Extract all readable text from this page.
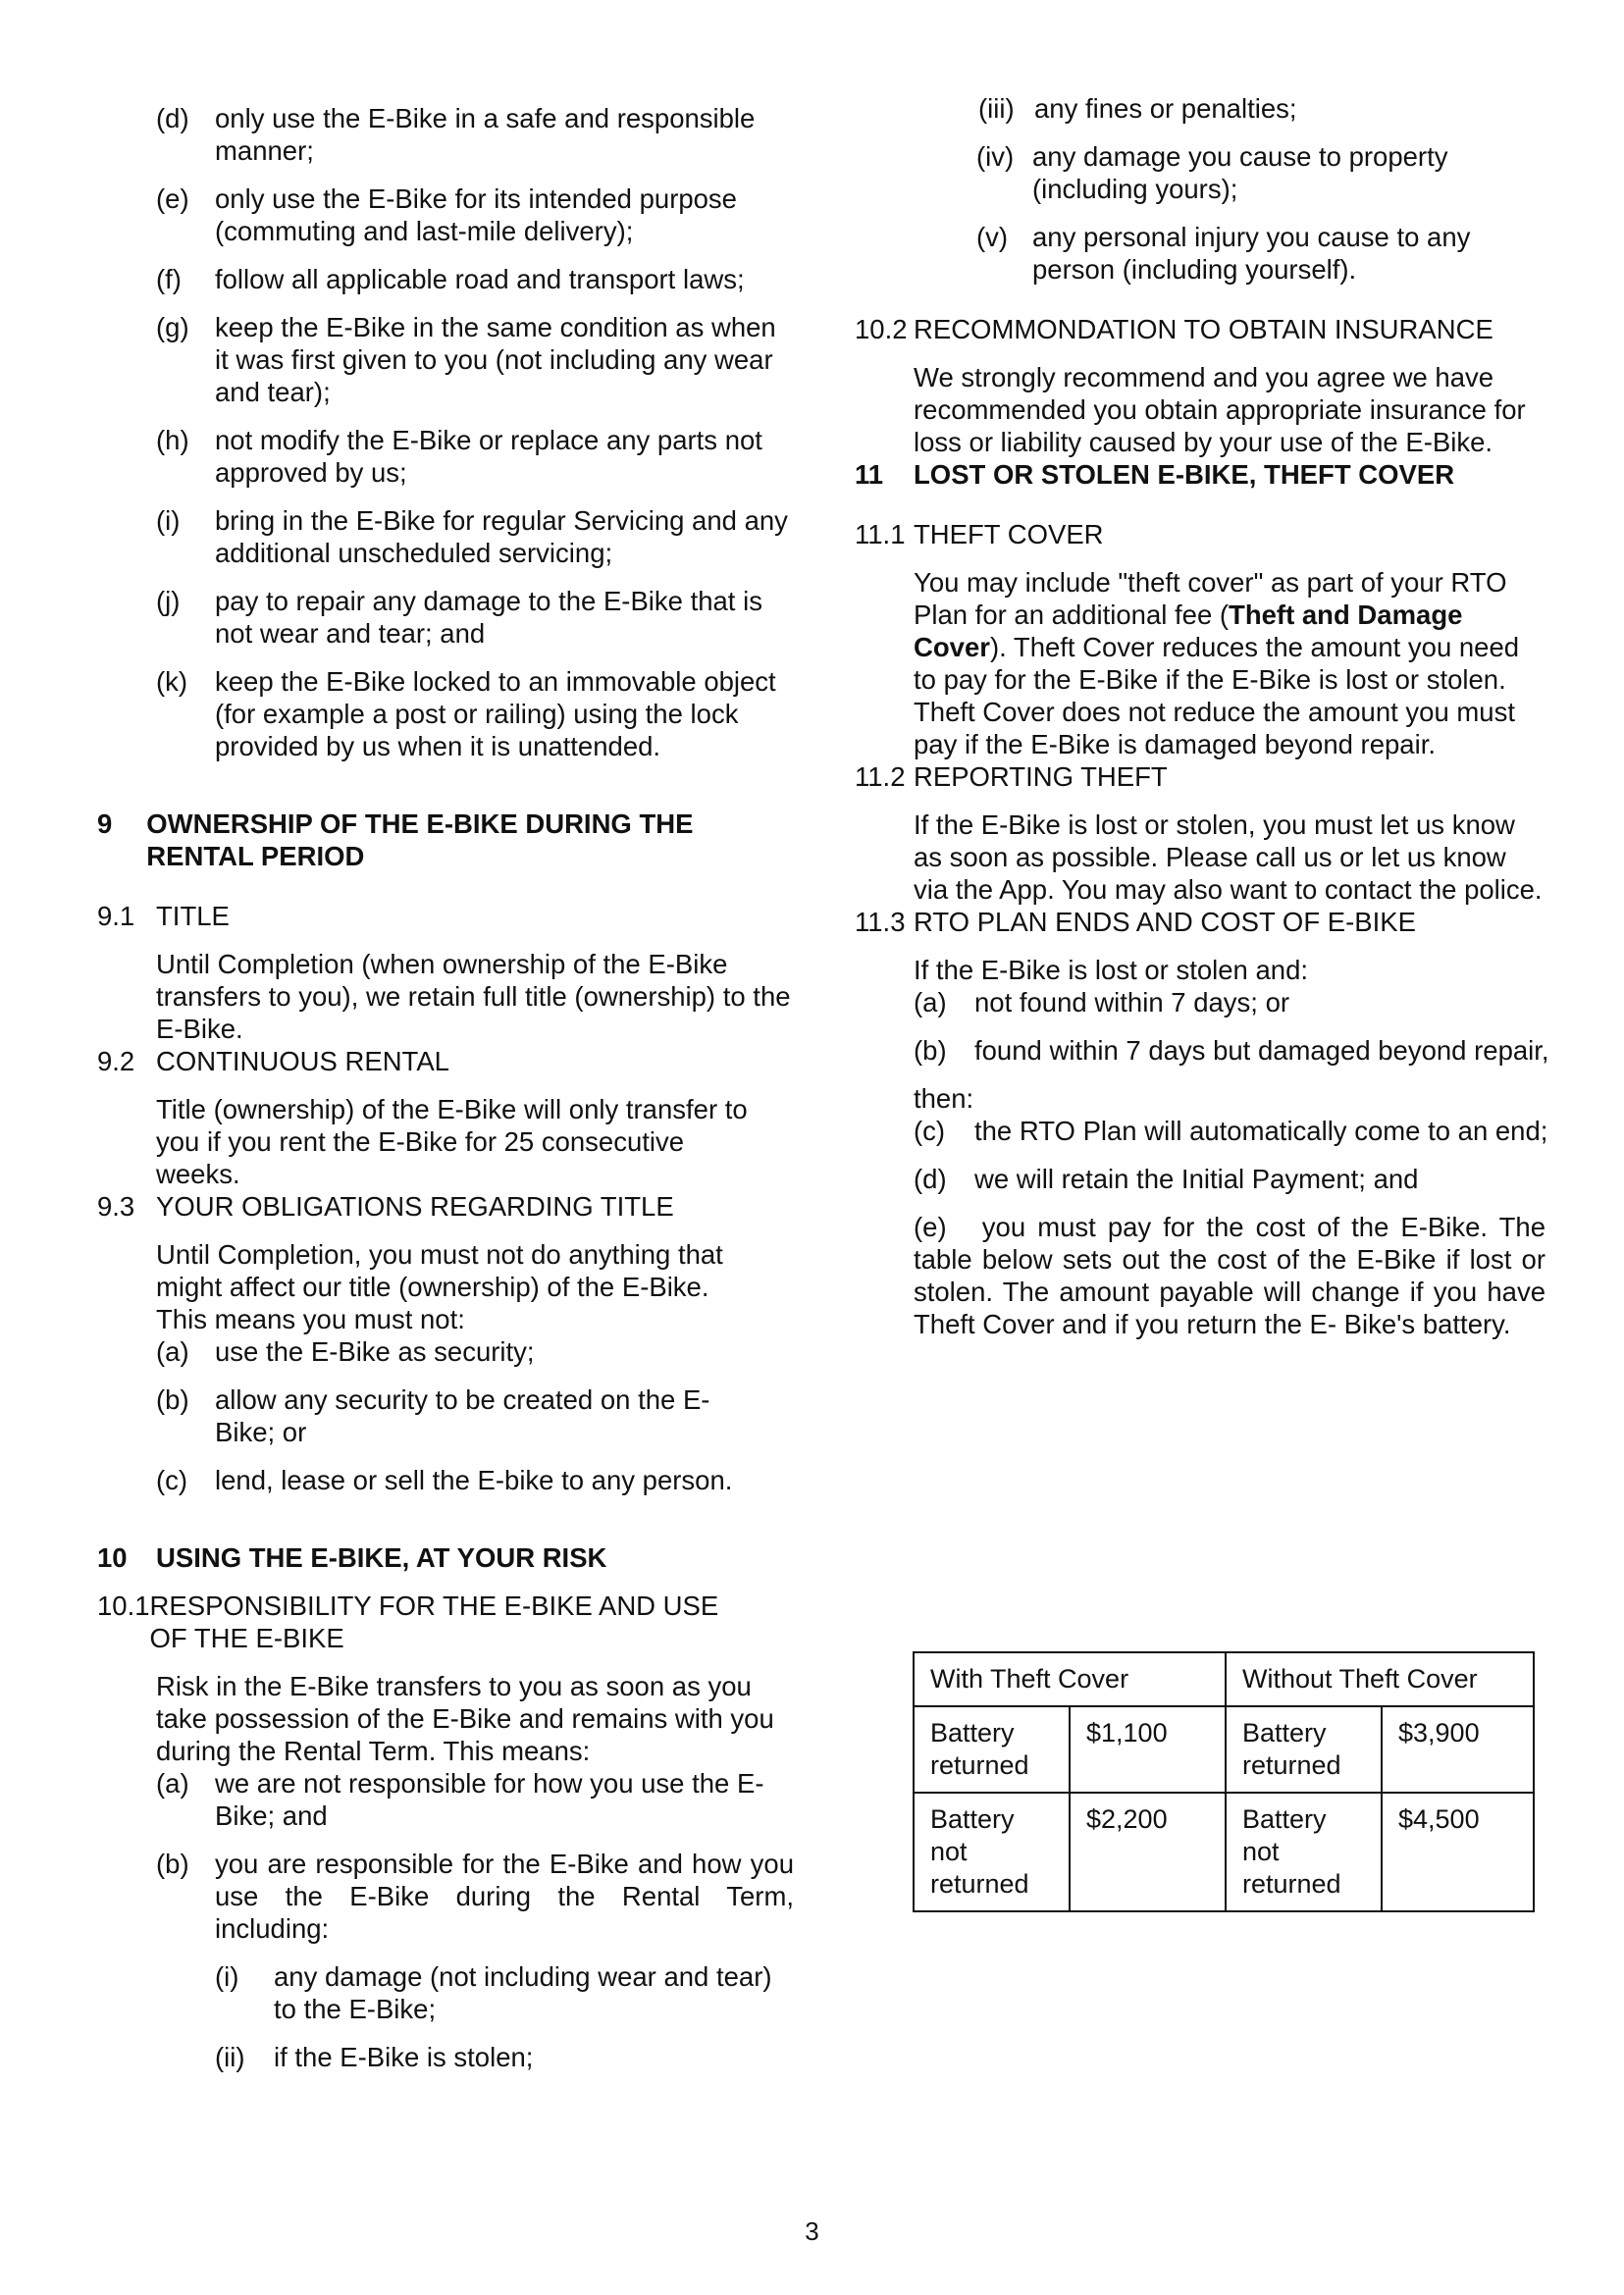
(d) only use the E-Bike in a safe and responsible manner;
(e) only use the E-Bike for its intended purpose (commuting and last-mile delivery);
(f)	follow all applicable road and transport laws;
(g) keep the E-Bike in the same condition as when it was first given to you (not including any wear and tear);
(h) not modify the E-Bike or replace any parts not approved by us;
(i)	bring in the E-Bike for regular Servicing and any additional unscheduled servicing;
(j)	pay to repair any damage to the E-Bike that is not wear and tear; and
(k)	keep the E-Bike locked to an immovable object (for example a post or railing) using the lock provided by us when it is unattended.
9	OWNERSHIP OF THE E-BIKE DURING THE RENTAL PERIOD
9.1 TITLE

Until Completion (when ownership of the E-Bike transfers to you), we retain full title (ownership) to the E-Bike.

9.2 CONTINUOUS RENTAL

Title (ownership) of the E-Bike will only transfer to you if you rent the E-Bike for 25 consecutive weeks.

9.3 YOUR OBLIGATIONS REGARDING TITLE

Until Completion, you must not do anything that might affect our title (ownership) of the E-Bike. This means you must not:

(a) use the E-Bike as security;
(b) allow any security to be created on the E-Bike; or
(c)	lend, lease or sell the E-bike to any person.
10	USING THE E-BIKE, AT YOUR RISK
10.1 RESPONSIBILITY FOR THE E-BIKE AND USE OF THE E-BIKE

Risk in the E-Bike transfers to you as soon as you take possession of the E-Bike and remains with you during the Rental Term. This means:

(a) we are not responsible for how you use the E-Bike; and
(b) you are responsible for the E-Bike and how you use the E-Bike during the Rental Term, including:
(i)	any damage (not including wear and tear) to the E-Bike;
(ii)	if the E-Bike is stolen;
(iii) any fines or penalties;
(iv) any damage you cause to property (including yours);
(v) any personal injury you cause to any person (including yourself).
10.2 RECOMMONDATION TO OBTAIN INSURANCE

We strongly recommend and you agree we have recommended you obtain appropriate insurance for loss or liability caused by your use of the E-Bike.

11	LOST OR STOLEN E-BIKE, THEFT COVER
11.1 THEFT COVER

You may include "theft cover" as part of your RTO Plan for an additional fee (Theft and Damage Cover). Theft Cover reduces the amount you need to pay for the E-Bike if the E-Bike is lost or stolen. Theft Cover does not reduce the amount you must pay if the E-Bike is damaged beyond repair.

11.2 REPORTING THEFT

If the E-Bike is lost or stolen, you must let us know as soon as possible. Please call us or let us know via the App. You may also want to contact the police.

11.3 RTO PLAN ENDS AND COST OF E-BIKE

If the E-Bike is lost or stolen and:

(a)	not found within 7 days; or
(b)	found within 7 days but damaged beyond repair,

then:

(c)	the RTO Plan will automatically come to an end;
(d)	we will retain the Initial Payment; and

(e) you must pay for the cost of the E-Bike. The table below sets out the cost of the E-Bike if lost or stolen. The amount payable will change if you have Theft Cover and if you return the E- Bike's battery.

With Theft Cover		Without Theft Cover	
Battery returned	$1,100	Battery returned	$3,900
Battery not returned	$2,200	Battery not returned	$4,500
3
